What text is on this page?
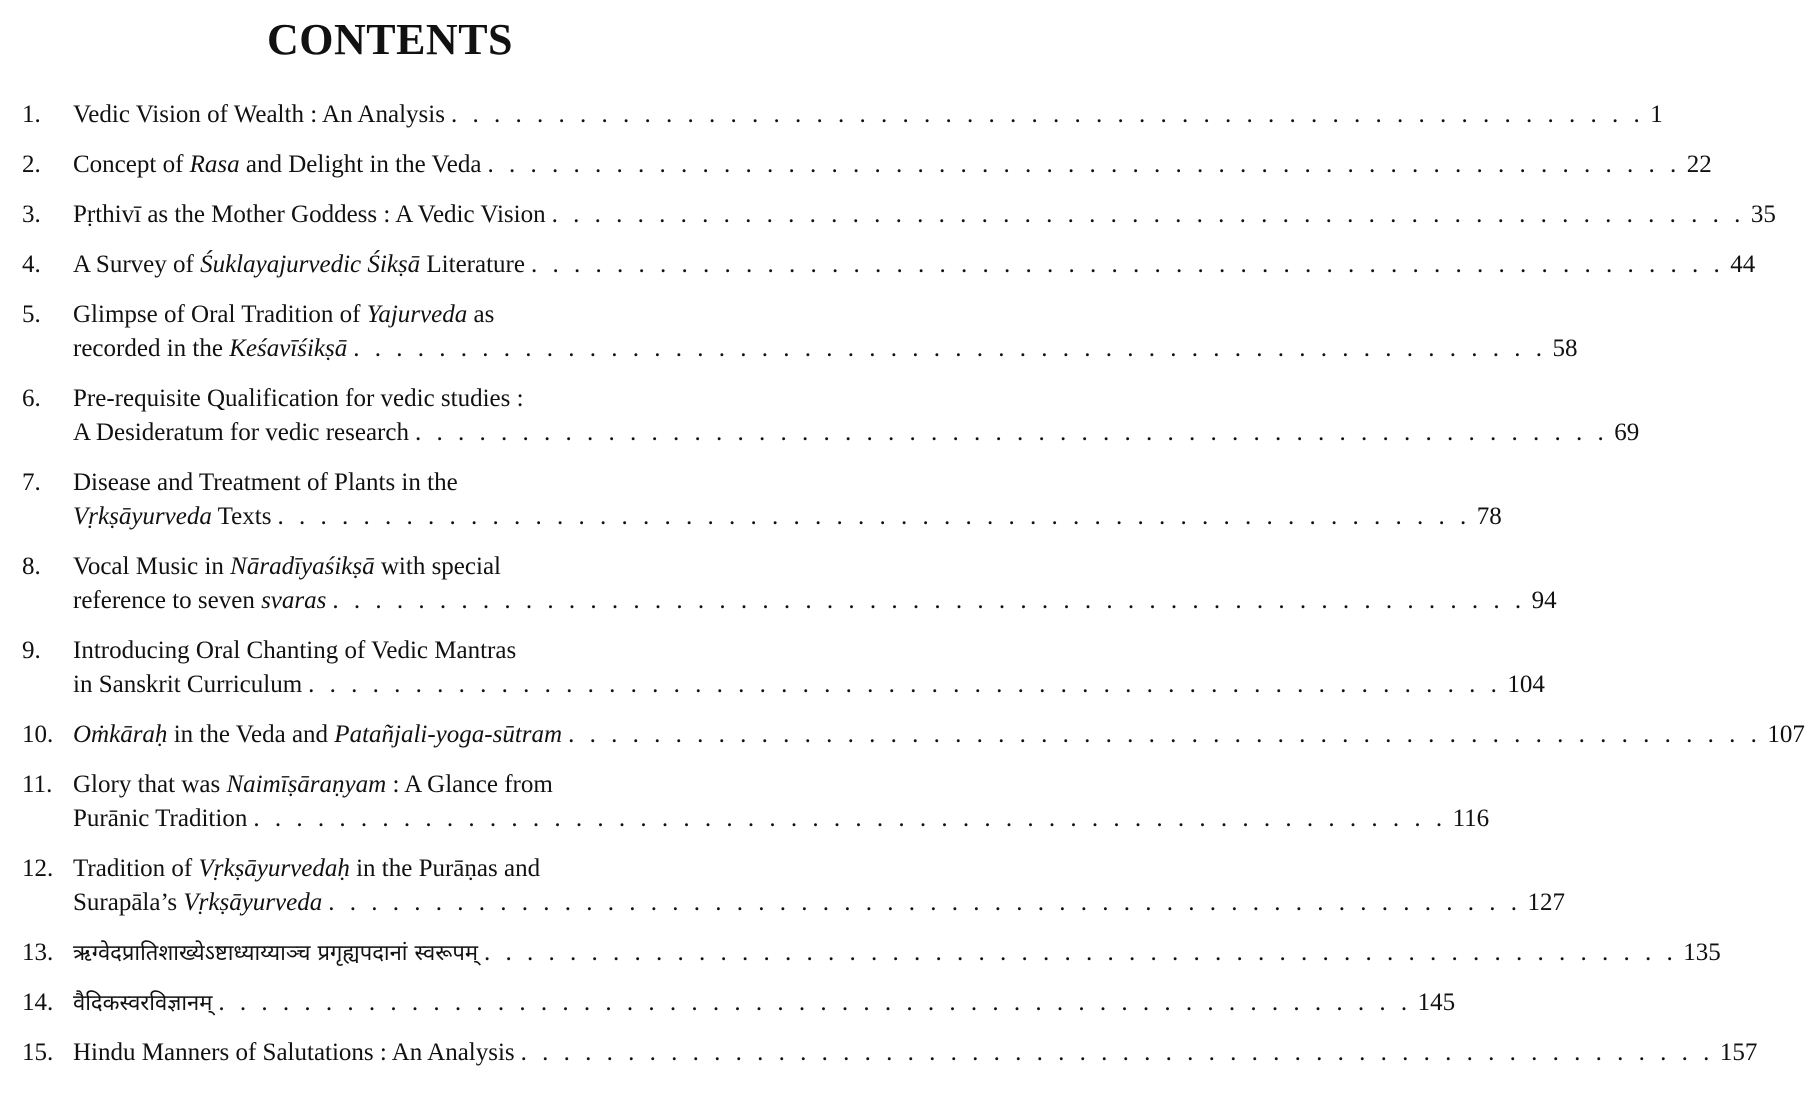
CONTENTS
1. Vedic Vision of Wealth : An Analysis . . . . . . . . . . . . . . . . . . . . . . . . . . . . . . . . . . . . . . . . . . . . . . . . . . . . . . . . 1
2. Concept of Rasa and Delight in the Veda . . . . . . . . . . . . . . . . . . . . . . . . . . . . . . . . . . . . . . . . . . . . . . . . . . . . . . . . 22
3. Pṛthivī as the Mother Goddess : A Vedic Vision . . . . . . . . . . . . . . . . . . . . . . . . . . . . . . . . . . . . . . . . . . . . . . . . . . . . . . . . 35
4. A Survey of Śuklayajurvedic Śikṣā Literature . . . . . . . . . . . . . . . . . . . . . . . . . . . . . . . . . . . . . . . . . . . . . . . . . . . . . . . . 44
5. Glimpse of Oral Tradition of Yajurveda as
recorded in the Keśavīśikṣā . . . . . . . . . . . . . . . . . . . . . . . . . . . . . . . . . . . . . . . . . . . . . . . . . . . . . . . . 58
6. Pre-requisite Qualification for vedic studies :
A Desideratum for vedic research . . . . . . . . . . . . . . . . . . . . . . . . . . . . . . . . . . . . . . . . . . . . . . . . . . . . . . . . 69
7. Disease and Treatment of Plants in the
Vṛkṣāyurveda Texts . . . . . . . . . . . . . . . . . . . . . . . . . . . . . . . . . . . . . . . . . . . . . . . . . . . . . . . . 78
8. Vocal Music in Nāradīyaśikṣā with special
reference to seven svaras . . . . . . . . . . . . . . . . . . . . . . . . . . . . . . . . . . . . . . . . . . . . . . . . . . . . . . . . 94
9. Introducing Oral Chanting of Vedic Mantras
in Sanskrit Curriculum . . . . . . . . . . . . . . . . . . . . . . . . . . . . . . . . . . . . . . . . . . . . . . . . . . . . . . . . 104
10. Oṁkāraḥ in the Veda and Patañjali-yoga-sūtram . . . . . . . . . . . . . . . . . . . . . . . . . . . . . . . . . . . . . . . . . . . . . . . . . . . . . . . . 107
11. Glory that was Naimīṣāraṇyam : A Glance from
Purānic Tradition . . . . . . . . . . . . . . . . . . . . . . . . . . . . . . . . . . . . . . . . . . . . . . . . . . . . . . . . 116
12. Tradition of Vṛkṣāyurvedaḥ in the Purāṇas and
Surapāla’s Vṛkṣāyurveda . . . . . . . . . . . . . . . . . . . . . . . . . . . . . . . . . . . . . . . . . . . . . . . . . . . . . . . . 127
13. ऋग्वेदप्रातिशाख्येऽष्टाध्याय्याञ्च प्रगृह्यपदानां स्वरूपम् . . . . . . . . . . . . . . . . . . . . . . . . . . . . . . . . . . . . . . . . . . . . . . . . . . . . . . . . 135
14. वैदिकस्वरविज्ञानम् . . . . . . . . . . . . . . . . . . . . . . . . . . . . . . . . . . . . . . . . . . . . . . . . . . . . . . . . 145
15. Hindu Manners of Salutations : An Analysis . . . . . . . . . . . . . . . . . . . . . . . . . . . . . . . . . . . . . . . . . . . . . . . . . . . . . . . . 157
